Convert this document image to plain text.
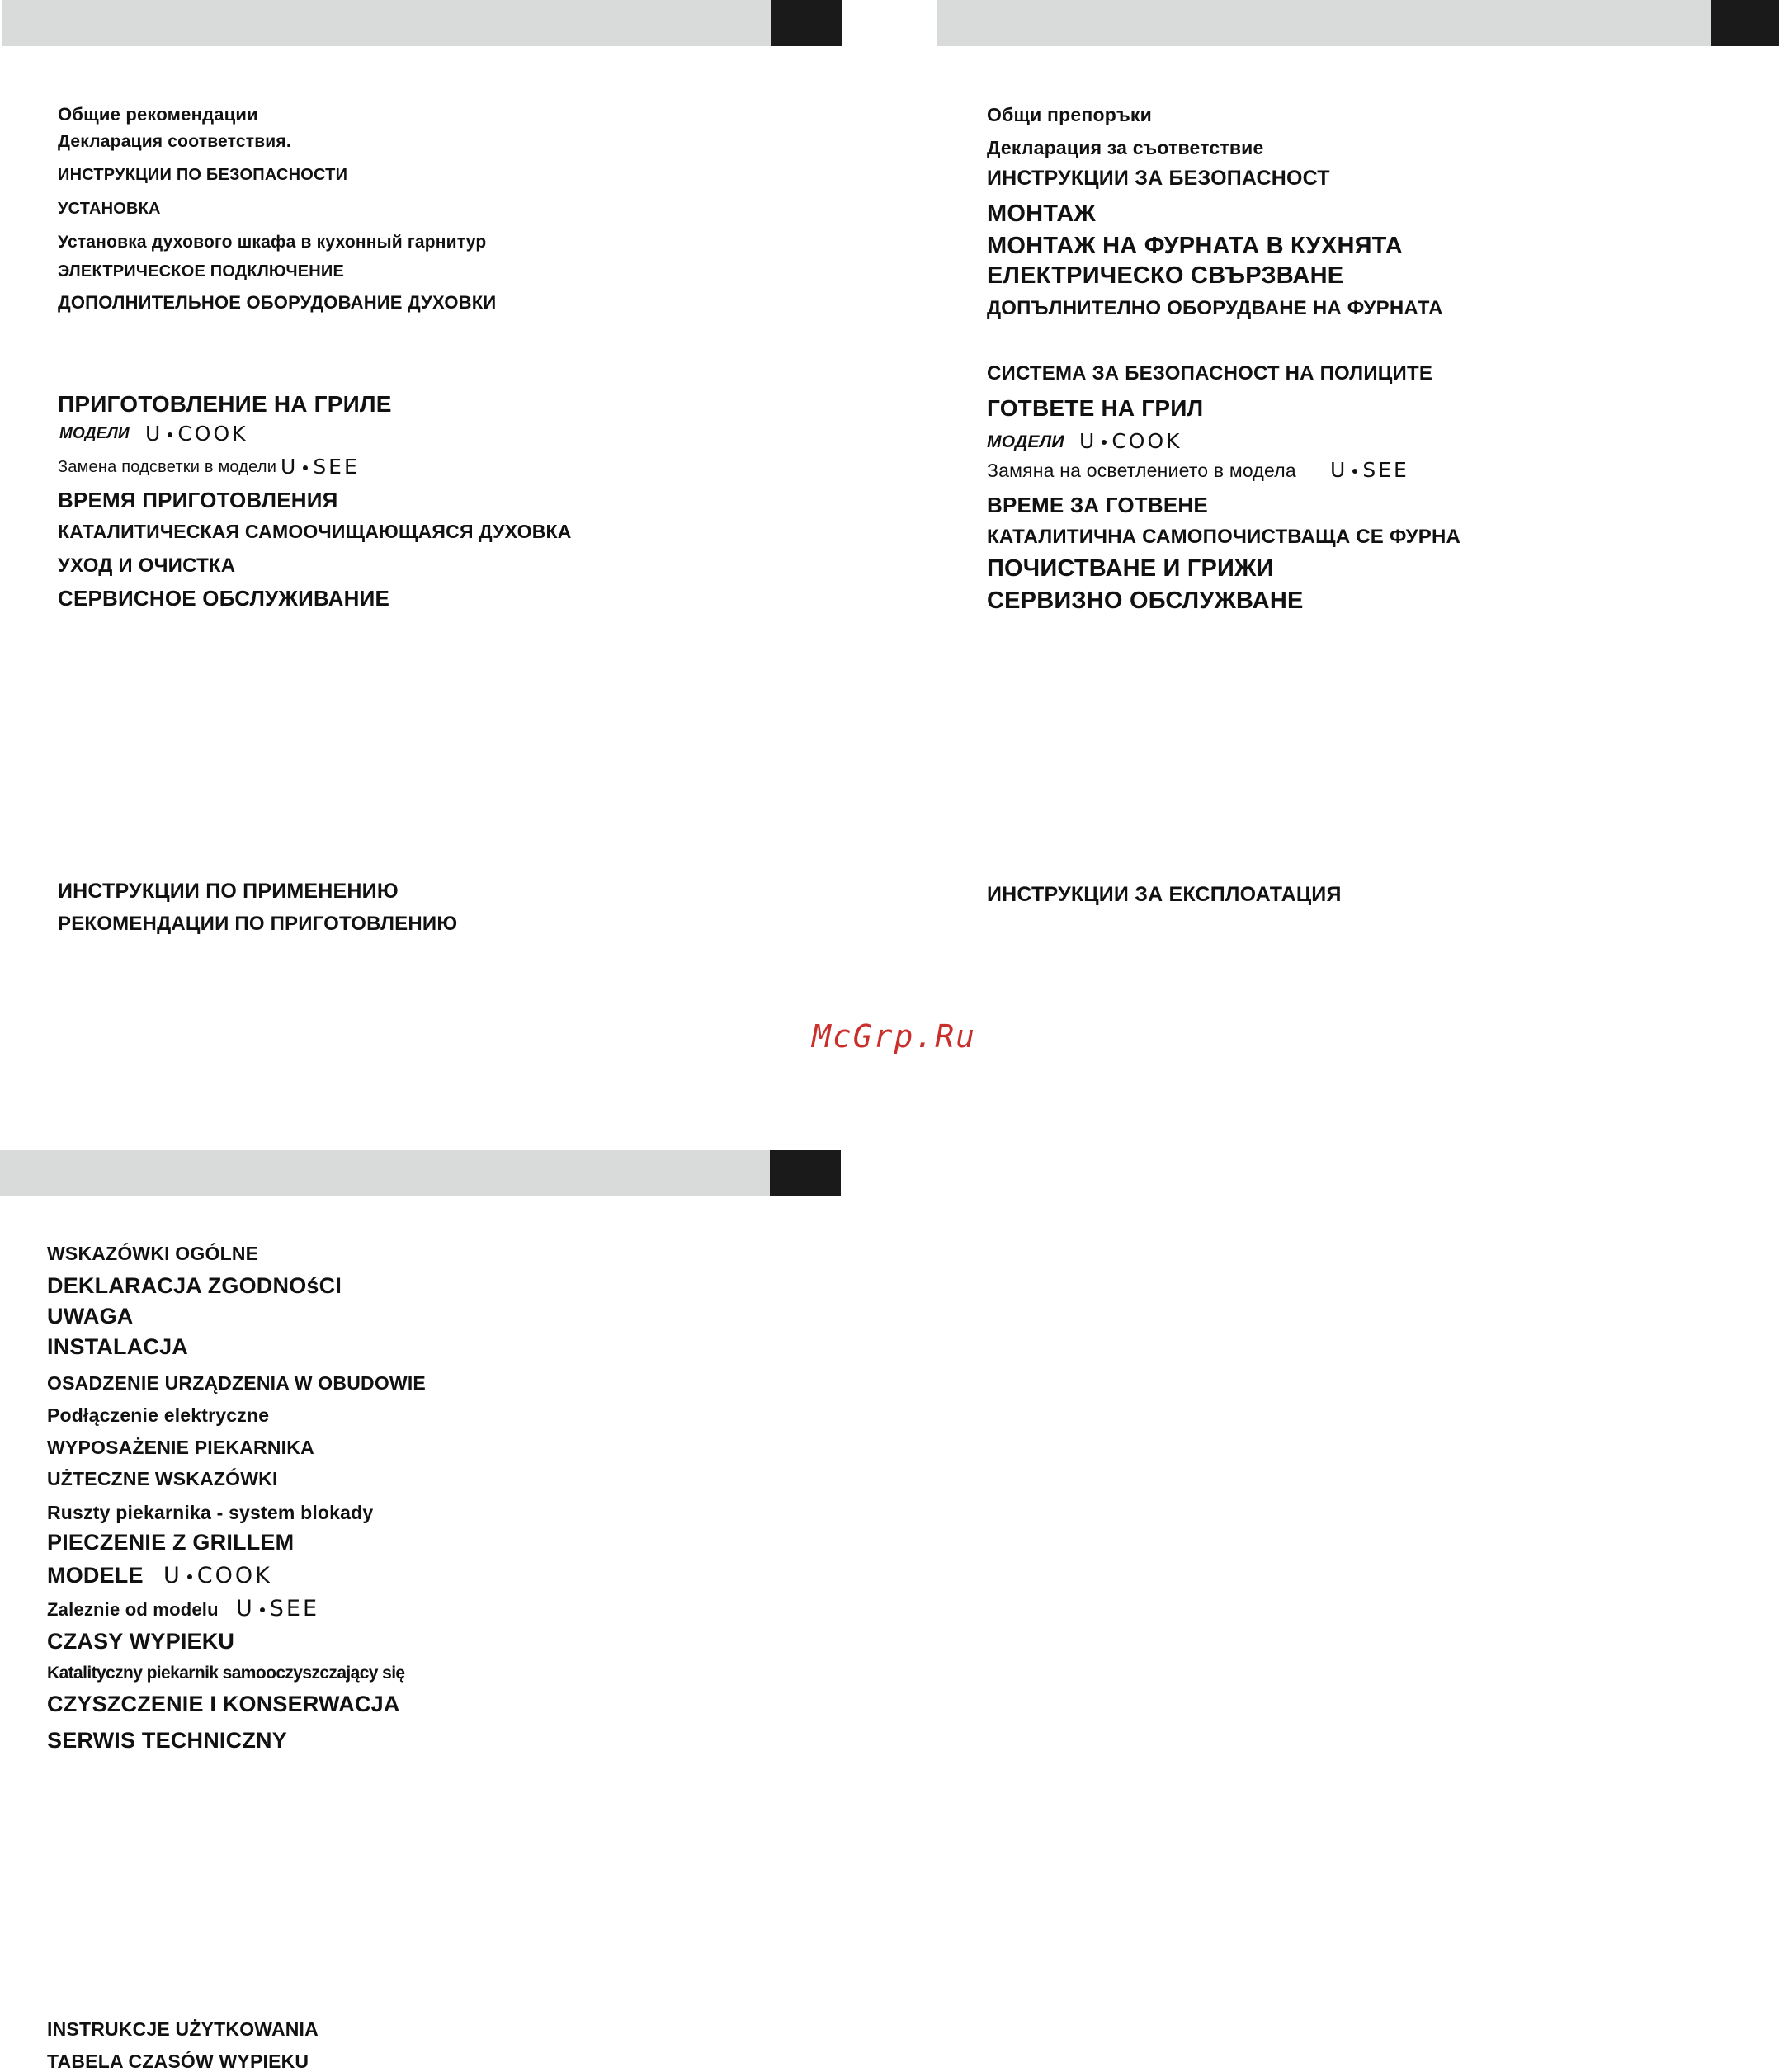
Общие рекомендации
Декларация соответствия.
ИНСТРУКЦИИ ПО БЕЗОПАСНОСТИ
УСТАНОВКА
Установка духового шкафа в кухонный гарнитур
ЭЛЕКТРИЧЕСКОЕ ПОДКЛЮЧЕНИЕ
ДОПОЛНИТЕЛЬНОЕ ОБОРУДОВАНИЕ ДУХОВКИ
ПРИГОТОВЛЕНИЕ НА ГРИЛЕ
МОДЕЛИ U COOK
Замена подсветки в модели U SEE
ВРЕМЯ ПРИГОТОВЛЕНИЯ
КАТАЛИТИЧЕСКАЯ САМООЧИЩАЮЩАЯСЯ ДУХОВКА
УХОД И ОЧИСТКА
СЕРВИСНОЕ ОБСЛУЖИВАНИЕ
ИНСТРУКЦИИ ПО ПРИМЕНЕНИЮ
РЕКОМЕНДАЦИИ ПО ПРИГОТОВЛЕНИЮ
Общи препоръки
Декларация за съответствие
ИНСТРУКЦИИ ЗА БЕЗОПАСНОСТ
МОНТАЖ
МОНТАЖ НА ФУРНАТА В КУХНЯТА
ЕЛЕКТРИЧЕСКО СВЪРЗВАНЕ
ДОПЪЛНИТЕЛНО ОБОРУДВАНЕ НА ФУРНАТА
СИСТЕМА ЗА БЕЗОПАСНОСТ НА ПОЛИЦИТЕ
ГОТВЕТЕ НА ГРИЛ
МОДЕЛИ U COOK
Замяна на осветлението в модела U SEE
ВРЕМЕ ЗА ГОТВЕНЕ
КАТАЛИТИЧНА САМОПОЧИСТВАЩА СЕ ФУРНА
ПОЧИСТВАНЕ И ГРИЖИ
СЕРВИЗНО ОБСЛУЖВАНЕ
ИНСТРУКЦИИ ЗА ЕКСПЛОАТАЦИЯ
McGrp.Ru
WSKAZÓWKI OGÓLNE
DEKLARACJA ZGODNOśCI
UWAGA
INSTALACJA
OSADZENIE URZĄDZENIA W OBUDOWIE
Podłączenie elektryczne
WYPOSAŻENIE PIEKARNIKA
UŻTECZNE WSKAZÓWKI
Ruszty piekarnika - system blokady
PIECZENIE Z GRILLEM
MODELE U COOK
Zaleznie od modelu U SEE
CZASY WYPIEKU
Katalityczny piekarnik samooczyszczający się
CZYSZCZENIE I KONSERWACJA
SERWIS TECHNICZNY
INSTRUKCJE UŻYTKOWANIA
TABELA CZASÓW WYPIEKU
